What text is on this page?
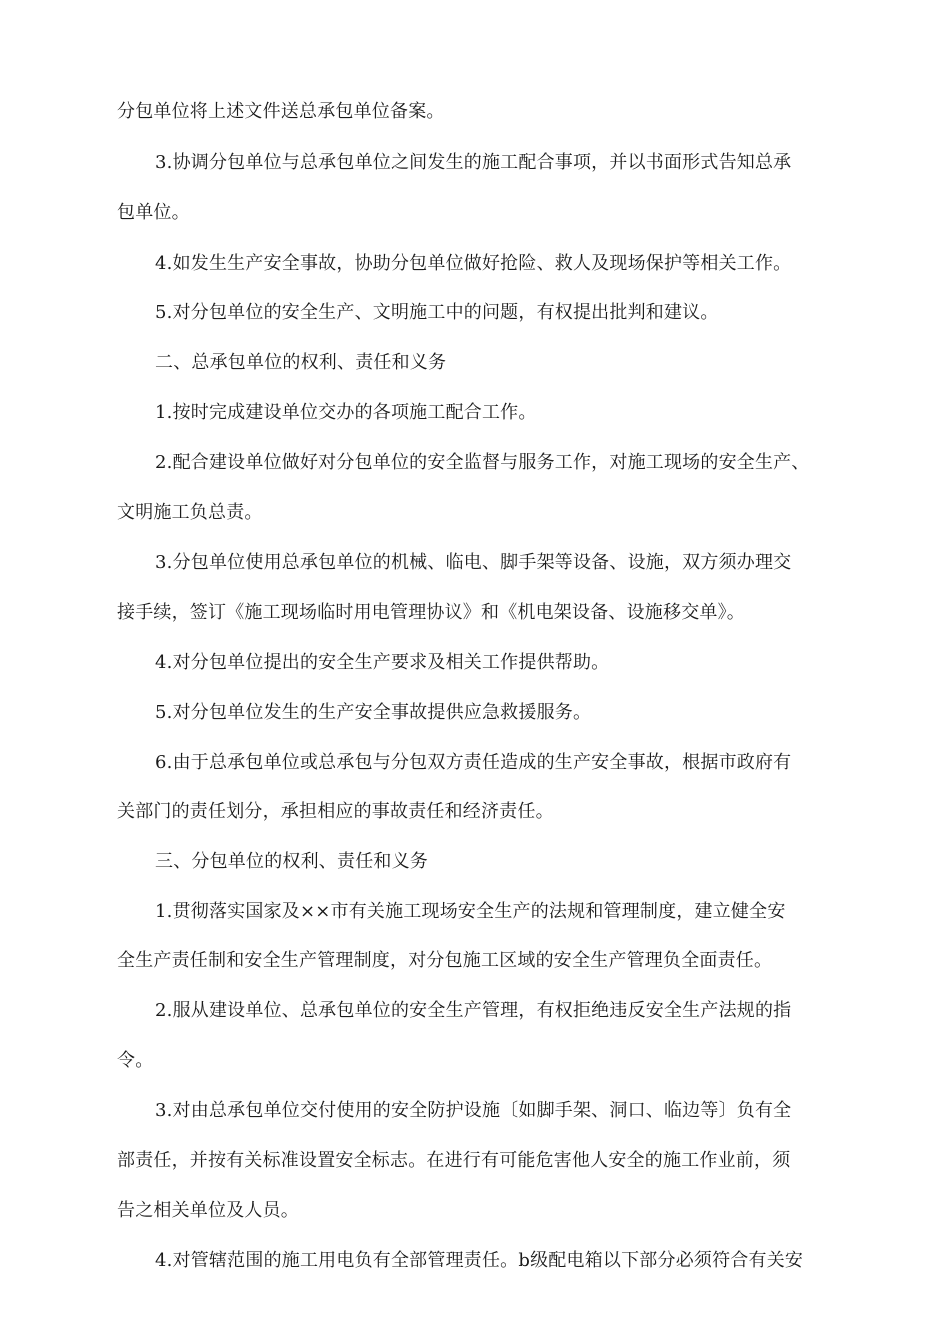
分包单位将上述文件送总承包单位备案。
3.协调分包单位与总承包单位之间发生的施工配合事项，并以书面形式告知总承
包单位。
4.如发生生产安全事故，协助分包单位做好抢险、救人及现场保护等相关工作。
5.对分包单位的安全生产、文明施工中的问题，有权提出批判和建议。
二、总承包单位的权利、责任和义务
1.按时完成建设单位交办的各项施工配合工作。
2.配合建设单位做好对分包单位的安全监督与服务工作，对施工现场的安全生产、
文明施工负总责。
3.分包单位使用总承包单位的机械、临电、脚手架等设备、设施，双方须办理交
接手续，签订《施工现场临时用电管理协议》和《机电架设备、设施移交单》。
4.对分包单位提出的安全生产要求及相关工作提供帮助。
5.对分包单位发生的生产安全事故提供应急救援服务。
6.由于总承包单位或总承包与分包双方责任造成的生产安全事故，根据市政府有
关部门的责任划分，承担相应的事故责任和经济责任。
三、分包单位的权利、责任和义务
1.贯彻落实国家及××市有关施工现场安全生产的法规和管理制度，建立健全安
全生产责任制和安全生产管理制度，对分包施工区域的安全生产管理负全面责任。
2.服从建设单位、总承包单位的安全生产管理，有权拒绝违反安全生产法规的指
令。
3.对由总承包单位交付使用的安全防护设施〔如脚手架、洞口、临边等〕负有全
部责任，并按有关标准设置安全标志。在进行有可能危害他人安全的施工作业前，须
告之相关单位及人员。
4.对管辖范围的施工用电负有全部管理责任。b级配电箱以下部分必须符合有关安
